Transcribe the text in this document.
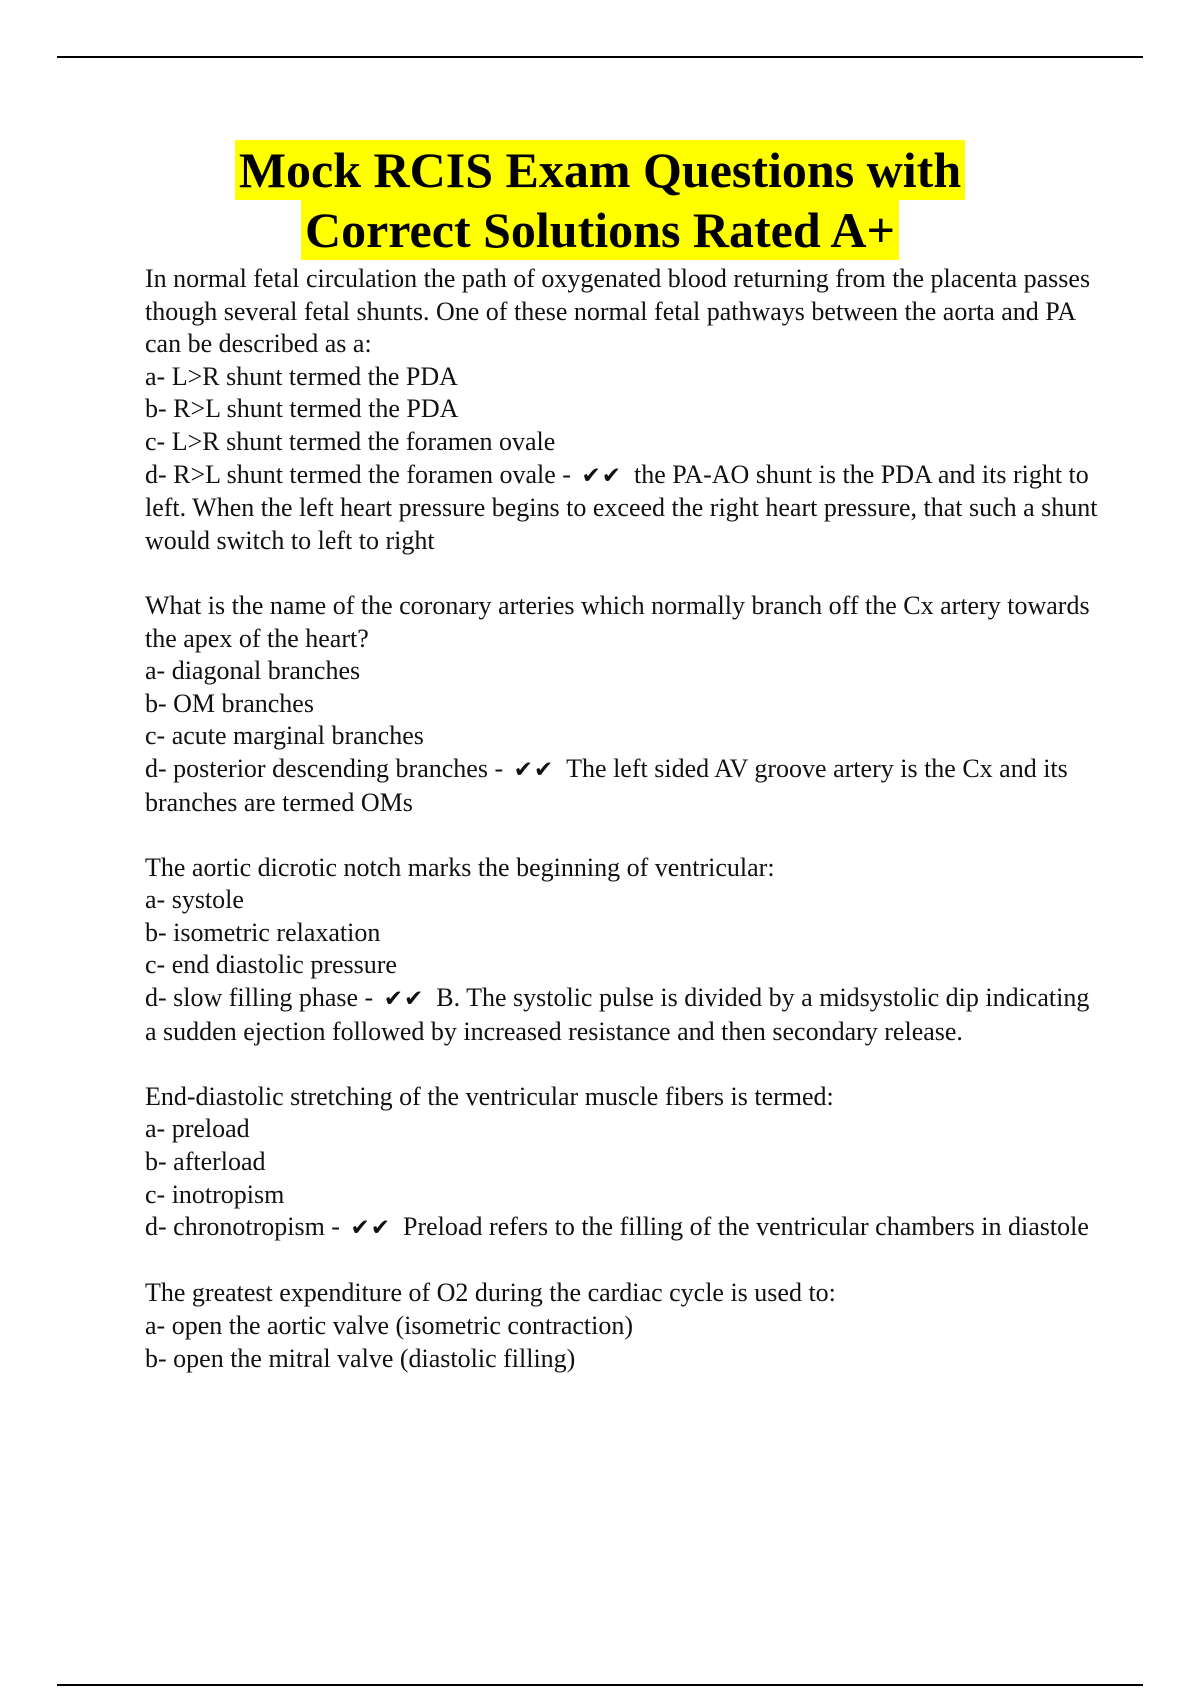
Mock RCIS Exam Questions with
Correct Solutions Rated A+
In normal fetal circulation the path of oxygenated blood returning from the placenta passes though several fetal shunts. One of these normal fetal pathways between the aorta and PA can be described as a:
a- L>R shunt termed the PDA
b- R>L shunt termed the PDA
c- L>R shunt termed the foramen ovale
d- R>L shunt termed the foramen ovale - ✔✔ the PA-AO shunt is the PDA and its right to left. When the left heart pressure begins to exceed the right heart pressure, that such a shunt would switch to left to right
What is the name of the coronary arteries which normally branch off the Cx artery towards the apex of the heart?
a- diagonal branches
b- OM branches
c- acute marginal branches
d- posterior descending branches - ✔✔ The left sided AV groove artery is the Cx and its branches are termed OMs
The aortic dicrotic notch marks the beginning of ventricular:
a- systole
b- isometric relaxation
c- end diastolic pressure
d- slow filling phase - ✔✔ B. The systolic pulse is divided by a midsystolic dip indicating a sudden ejection followed by increased resistance and then secondary release.
End-diastolic stretching of the ventricular muscle fibers is termed:
a- preload
b- afterload
c- inotropism
d- chronotropism - ✔✔ Preload refers to the filling of the ventricular chambers in diastole
The greatest expenditure of O2 during the cardiac cycle is used to:
a- open the aortic valve (isometric contraction)
b- open the mitral valve (diastolic filling)
